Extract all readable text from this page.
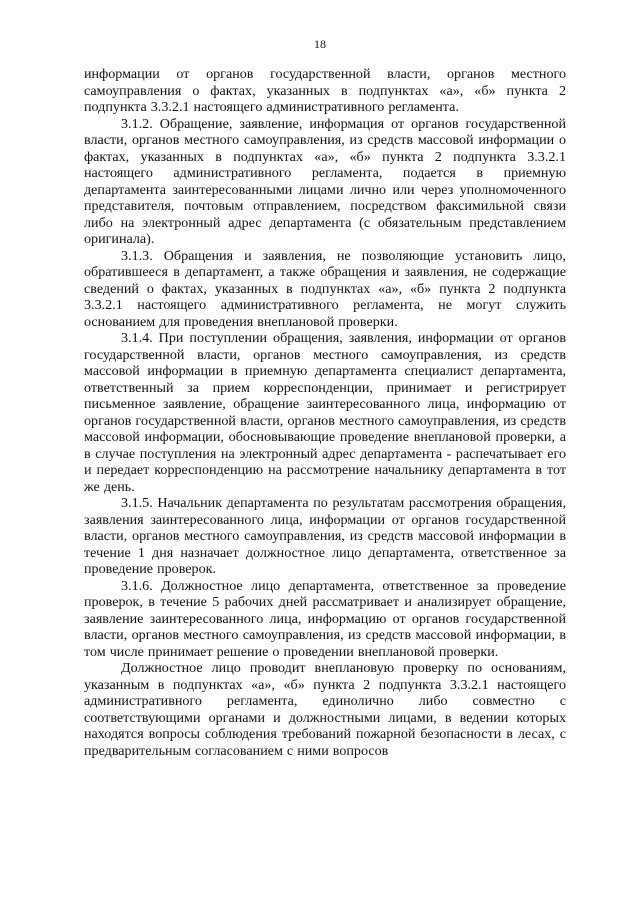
18

информации от органов государственной власти, органов местного самоуправления о фактах, указанных в подпунктах «а», «б» пункта 2 подпункта 3.3.2.1 настоящего административного регламента.

3.1.2. Обращение, заявление, информация от органов государственной власти, органов местного самоуправления, из средств массовой информации о фактах, указанных в подпунктах «а», «б» пункта 2 подпункта 3.3.2.1 настоящего административного регламента, подается в приемную департамента заинтересованными лицами лично или через уполномоченного представителя, почтовым отправлением, посредством факсимильной связи либо на электронный адрес департамента (с обязательным представлением оригинала).

3.1.3. Обращения и заявления, не позволяющие установить лицо, обратившееся в департамент, а также обращения и заявления, не содержащие сведений о фактах, указанных в подпунктах «а», «б» пункта 2 подпункта 3.3.2.1 настоящего административного регламента, не могут служить основанием для проведения внеплановой проверки.

3.1.4. При поступлении обращения, заявления, информации от органов государственной власти, органов местного самоуправления, из средств массовой информации в приемную департамента специалист департамента, ответственный за прием корреспонденции, принимает и регистрирует письменное заявление, обращение заинтересованного лица, информацию от органов государственной власти, органов местного самоуправления, из средств массовой информации, обосновывающие проведение внеплановой проверки, а в случае поступления на электронный адрес департамента - распечатывает его и передает корреспонденцию на рассмотрение начальнику департамента в тот же день.

3.1.5. Начальник департамента по результатам рассмотрения обращения, заявления заинтересованного лица, информации от органов государственной власти, органов местного самоуправления, из средств массовой информации в течение 1 дня назначает должностное лицо департамента, ответственное за проведение проверок.

3.1.6. Должностное лицо департамента, ответственное за проведение проверок, в течение 5 рабочих дней рассматривает и анализирует обращение, заявление заинтересованного лица, информацию от органов государственной власти, органов местного самоуправления, из средств массовой информации, в том числе принимает решение о проведении внеплановой проверки.

Должностное лицо проводит внеплановую проверку по основаниям, указанным в подпунктах «а», «б» пункта 2 подпункта 3.3.2.1 настоящего административного регламента, единолично либо совместно с соответствующими органами и должностными лицами, в ведении которых находятся вопросы соблюдения требований пожарной безопасности в лесах, с предварительным согласованием с ними вопросов
